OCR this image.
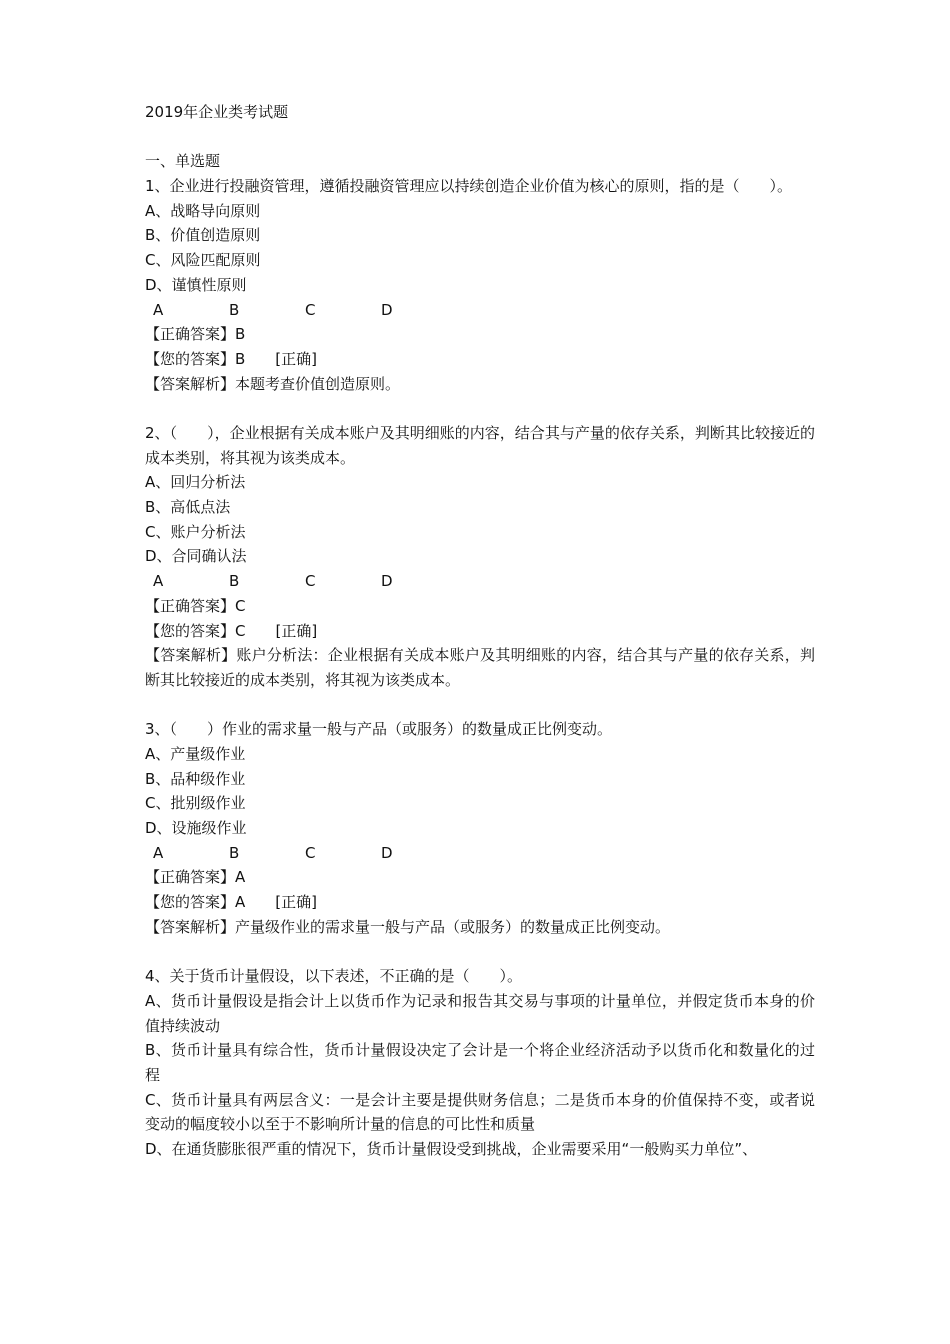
2019年企业类考试题
一、单选题
1、企业进行投融资管理，遵循投融资管理应以持续创造企业价值为核心的原则，指的是（　　）。
A、战略导向原则
B、价值创造原则
C、风险匹配原则
D、谨慎性原则
A	B	C	D
【正确答案】B
【您的答案】B [正确]
【答案解析】本题考查价值创造原则。
2、（　　），企业根据有关成本账户及其明细账的内容，结合其与产量的依存关系，判断其比较接近的成本类别，将其视为该类成本。
A、回归分析法
B、高低点法
C、账户分析法
D、合同确认法
A	B	C	D
【正确答案】C
【您的答案】C [正确]
【答案解析】账户分析法：企业根据有关成本账户及其明细账的内容，结合其与产量的依存关系，判断其比较接近的成本类别，将其视为该类成本。
3、（　　）作业的需求量一般与产品（或服务）的数量成正比例变动。
A、产量级作业
B、品种级作业
C、批别级作业
D、设施级作业
A	B	C	D
【正确答案】A
【您的答案】A [正确]
【答案解析】产量级作业的需求量一般与产品（或服务）的数量成正比例变动。
4、关于货币计量假设，以下表述，不正确的是（　　）。
A、货币计量假设是指会计上以货币作为记录和报告其交易与事项的计量单位，并假定货币本身的价值持续波动
B、货币计量具有综合性，货币计量假设决定了会计是一个将企业经济活动予以货币化和数量化的过程
C、货币计量具有两层含义：一是会计主要是提供财务信息；二是货币本身的价值保持不变，或者说变动的幅度较小以至于不影响所计量的信息的可比性和质量
D、在通货膨胀很严重的情况下，货币计量假设受到挑战，企业需要采用“一般购买力单位”、
